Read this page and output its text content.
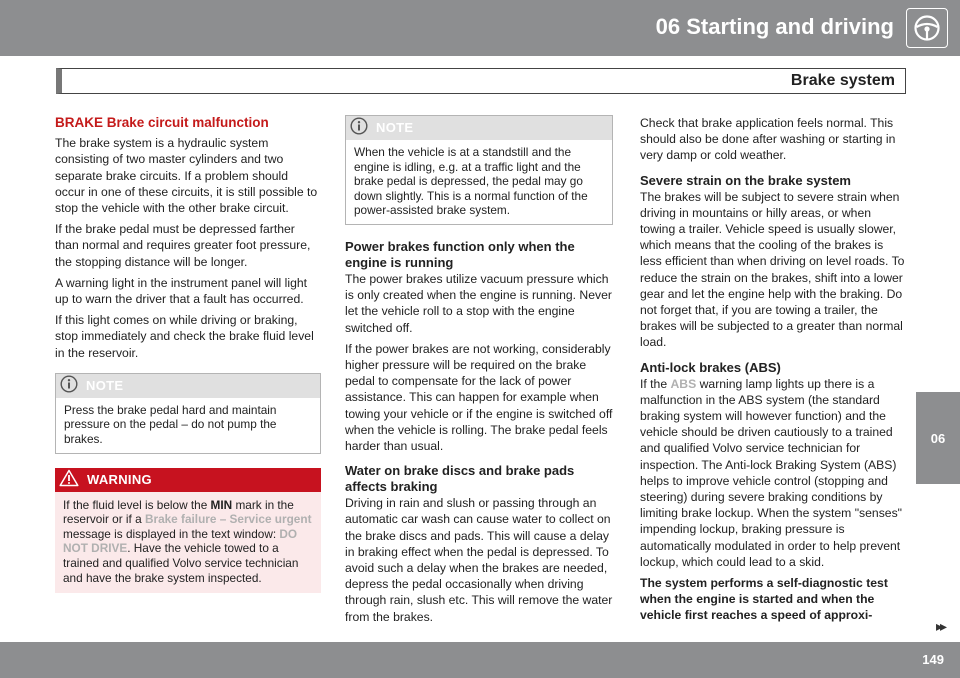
06 Starting and driving
Brake system
06
▸▸
149
BRAKE Brake circuit malfunction

The brake system is a hydraulic system consisting of two master cylinders and two separate brake circuits. If a problem should occur in one of these circuits, it is still possible to stop the vehicle with the other brake circuit.

If the brake pedal must be depressed farther than normal and requires greater foot pressure, the stopping distance will be longer.

A warning light in the instrument panel will light up to warn the driver that a fault has occurred.

If this light comes on while driving or braking, stop immediately and check the brake fluid level in the reservoir.

NOTE
Press the brake pedal hard and maintain pressure on the pedal – do not pump the brakes.
WARNING
If the fluid level is below the MIN mark in the reservoir or if a Brake failure – Service urgent message is displayed in the text window: DO NOT DRIVE. Have the vehicle towed to a trained and qualified Volvo service technician and have the brake system inspected.
NOTE
When the vehicle is at a standstill and the engine is idling, e.g. at a traffic light and the brake pedal is depressed, the pedal may go down slightly. This is a normal function of the power-assisted brake system.
Power brakes function only when the engine is running

The power brakes utilize vacuum pressure which is only created when the engine is running. Never let the vehicle roll to a stop with the engine switched off.

If the power brakes are not working, considerably higher pressure will be required on the brake pedal to compensate for the lack of power assistance. This can happen for example when towing your vehicle or if the engine is switched off when the vehicle is rolling. The brake pedal feels harder than usual.

Water on brake discs and brake pads affects braking

Driving in rain and slush or passing through an automatic car wash can cause water to collect on the brake discs and pads. This will cause a delay in braking effect when the pedal is depressed. To avoid such a delay when the brakes are needed, depress the pedal occasionally when driving through rain, slush etc. This will remove the water from the brakes.

Check that brake application feels normal. This should also be done after washing or starting in very damp or cold weather.

Severe strain on the brake system

The brakes will be subject to severe strain when driving in mountains or hilly areas, or when towing a trailer. Vehicle speed is usually slower, which means that the cooling of the brakes is less efficient than when driving on level roads. To reduce the strain on the brakes, shift into a lower gear and let the engine help with the braking. Do not forget that, if you are towing a trailer, the brakes will be subjected to a greater than normal load.

Anti-lock brakes (ABS)

If the ABS warning lamp lights up there is a malfunction in the ABS system (the standard braking system will however function) and the vehicle should be driven cautiously to a trained and qualified Volvo service technician for inspection. The Anti-lock Braking System (ABS) helps to improve vehicle control (stopping and steering) during severe braking conditions by limiting brake lockup. When the system "senses" impending lockup, braking pressure is automatically modulated in order to help prevent lockup, which could lead to a skid.

The system performs a self-diagnostic test when the engine is started and when the vehicle first reaches a speed of approxi-
